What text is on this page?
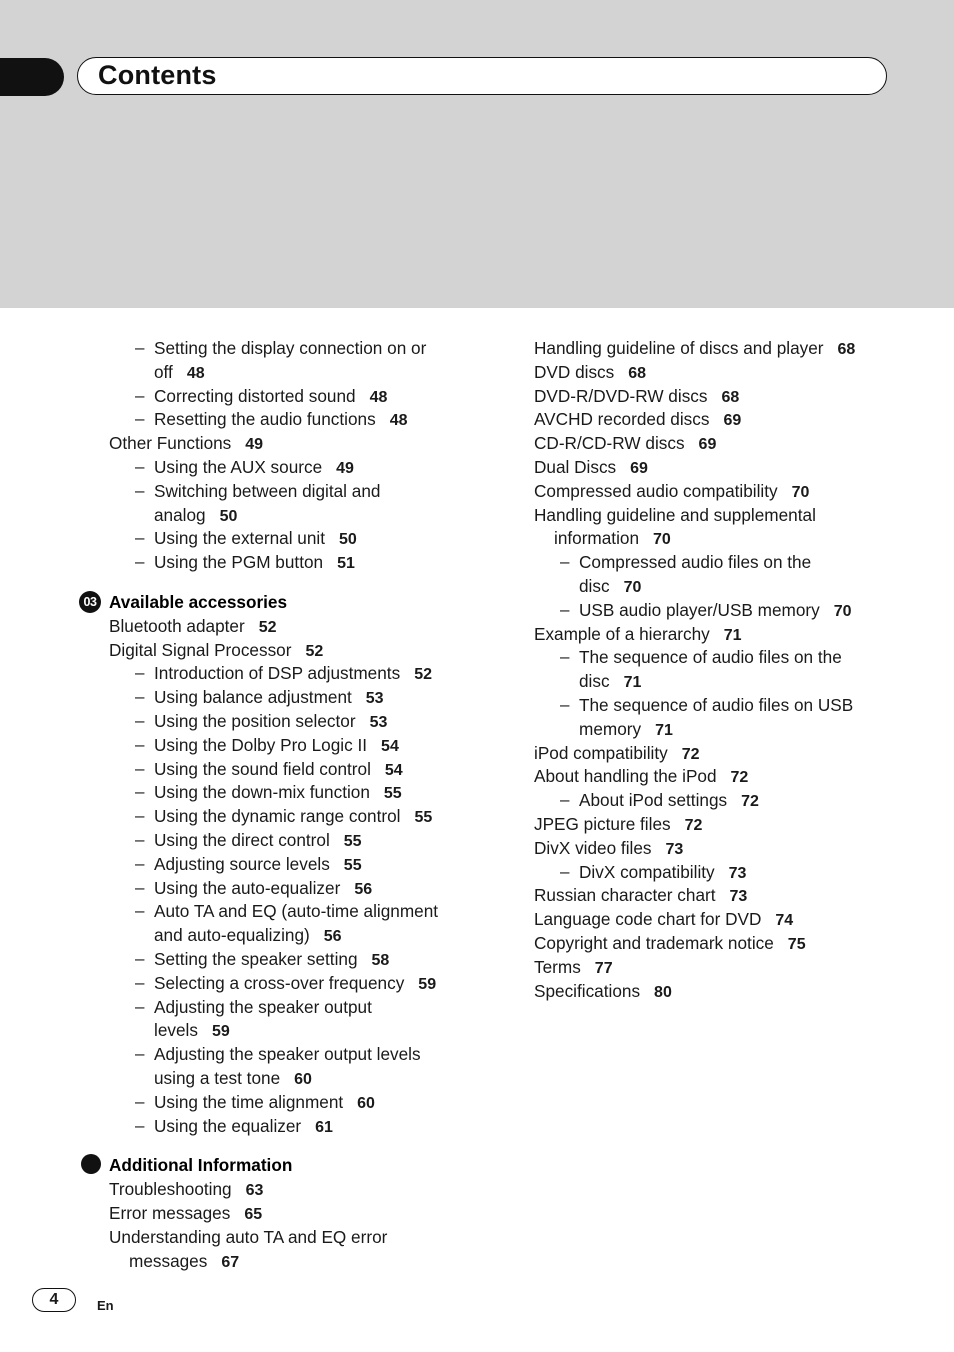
Contents
– Setting the display connection on or
off 48
– Correcting distorted sound 48
– Resetting the audio functions 48
Other Functions 49
– Using the AUX source 49
– Switching between digital and
analog 50
– Using the external unit 50
– Using the PGM button 51
03 Available accessories
Bluetooth adapter 52
Digital Signal Processor 52
– Introduction of DSP adjustments 52
– Using balance adjustment 53
– Using the position selector 53
– Using the Dolby Pro Logic II 54
– Using the sound field control 54
– Using the down-mix function 55
– Using the dynamic range control 55
– Using the direct control 55
– Adjusting source levels 55
– Using the auto-equalizer 56
– Auto TA and EQ (auto-time alignment
and auto-equalizing) 56
– Setting the speaker setting 58
– Selecting a cross-over frequency 59
– Adjusting the speaker output
levels 59
– Adjusting the speaker output levels
using a test tone 60
– Using the time alignment 60
– Using the equalizer 61
Additional Information
Troubleshooting 63
Error messages 65
Understanding auto TA and EQ error
messages 67
Handling guideline of discs and player 68
DVD discs 68
DVD-R/DVD-RW discs 68
AVCHD recorded discs 69
CD-R/CD-RW discs 69
Dual Discs 69
Compressed audio compatibility 70
Handling guideline and supplemental
information 70
– Compressed audio files on the
disc 70
– USB audio player/USB memory 70
Example of a hierarchy 71
– The sequence of audio files on the
disc 71
– The sequence of audio files on USB
memory 71
iPod compatibility 72
About handling the iPod 72
– About iPod settings 72
JPEG picture files 72
DivX video files 73
– DivX compatibility 73
Russian character chart 73
Language code chart for DVD 74
Copyright and trademark notice 75
Terms 77
Specifications 80
4	En
